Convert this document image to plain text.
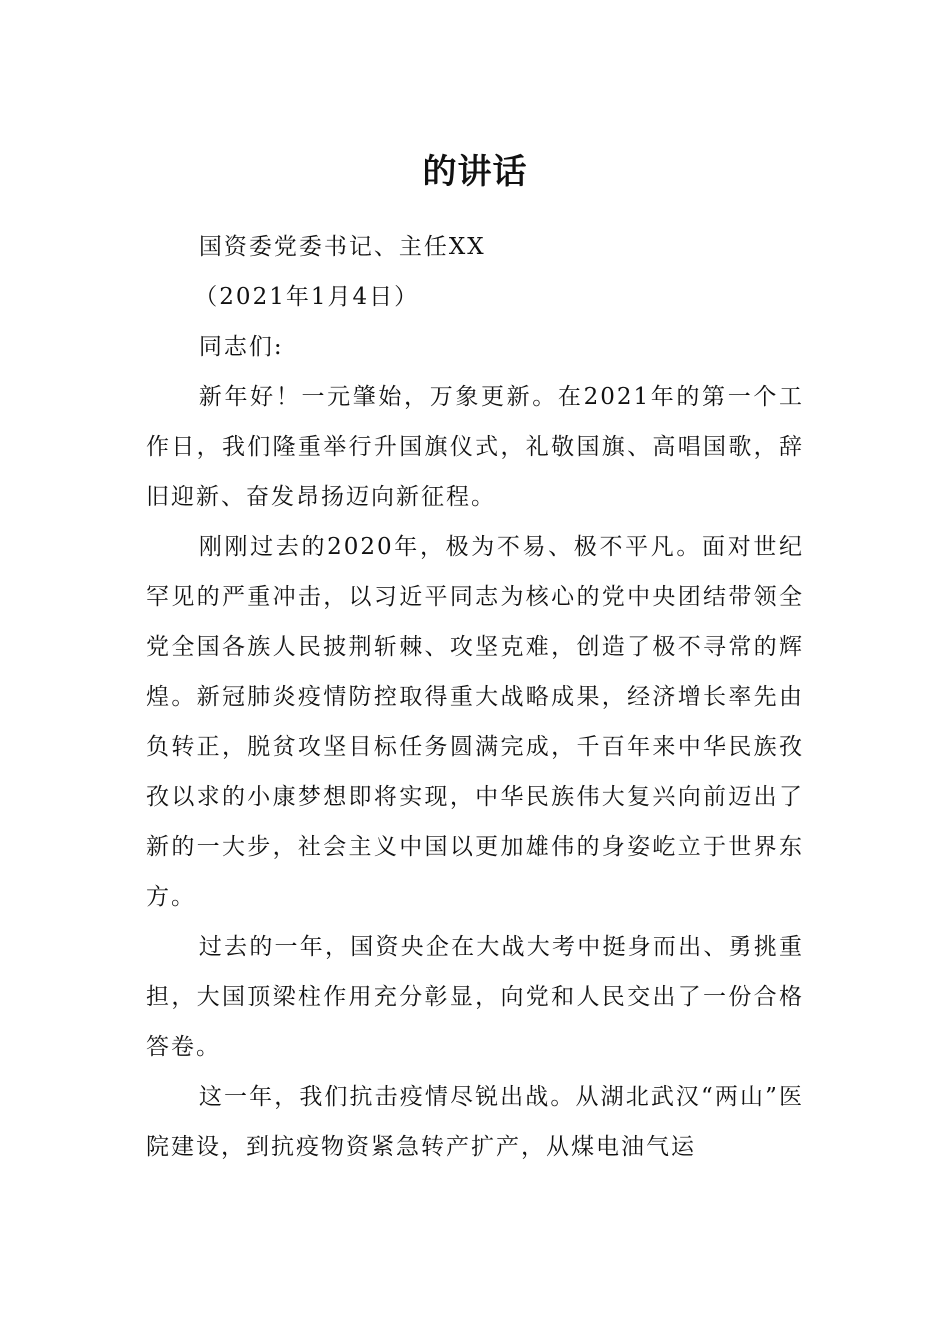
的讲话

国资委党委书记、主任XX

（2021年1月4日）

同志们:

新年好！一元肇始，万象更新。在2021年的第一个工作日，我们隆重举行升国旗仪式，礼敬国旗、高唱国歌，辞旧迎新、奋发昂扬迈向新征程。

刚刚过去的2020年，极为不易、极不平凡。面对世纪罕见的严重冲击，以习近平同志为核心的党中央团结带领全党全国各族人民披荆斩棘、攻坚克难，创造了极不寻常的辉煌。新冠肺炎疫情防控取得重大战略成果，经济增长率先由负转正，脱贫攻坚目标任务圆满完成，千百年来中华民族孜孜以求的小康梦想即将实现，中华民族伟大复兴向前迈出了新的一大步，社会主义中国以更加雄伟的身姿屹立于世界东方。

过去的一年，国资央企在大战大考中挺身而出、勇挑重担，大国顶梁柱作用充分彰显，向党和人民交出了一份合格答卷。

这一年，我们抗击疫情尽锐出战。从湖北武汉“两山”医院建设，到抗疫物资紧急转产扩产，从煤电油气运
